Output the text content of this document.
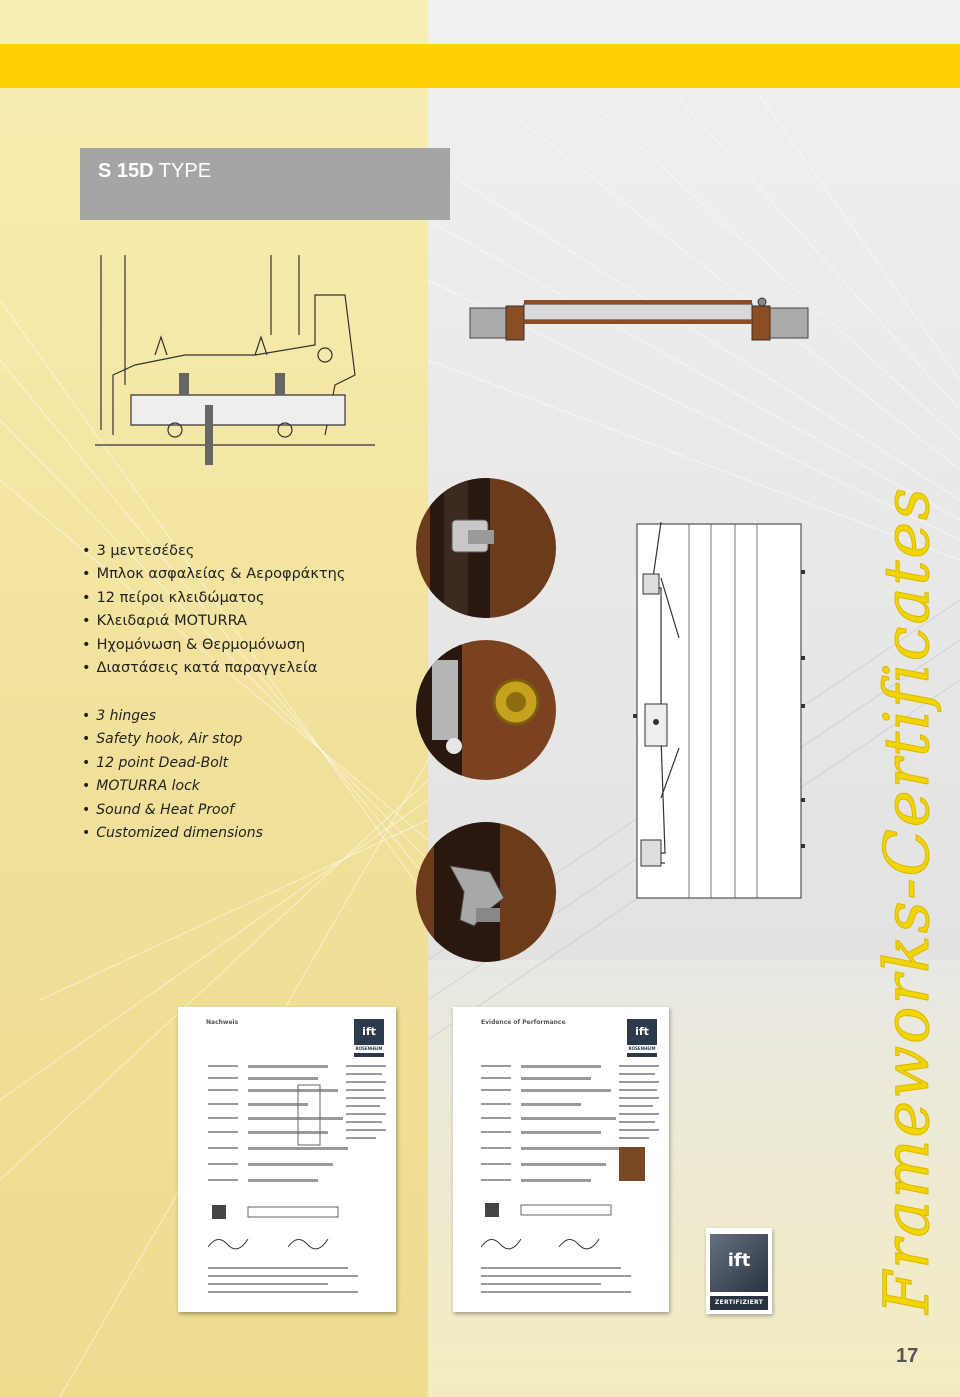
S 15D TYPE
Nachweis
ift
ROSENHEIM
Evidence of Performance
ift
ROSENHEIM
ift
ZERTIFIZIERT
• 3 μεντεσέδες
• Μπλοκ ασφαλείας & Αεροφράκτης
• 12 πείροι κλειδώματος
• Κλειδαριά MOTURRA
• Ηχομόνωση & Θερμομόνωση
• Διαστάσεις κατά παραγγελεία
• 3 hinges
• Safety hook, Air stop
• 12 point Dead-Bolt
• MOTURRA lock
• Sound & Heat Proof
• Customized dimensions	Frameworks-Certificates
17
